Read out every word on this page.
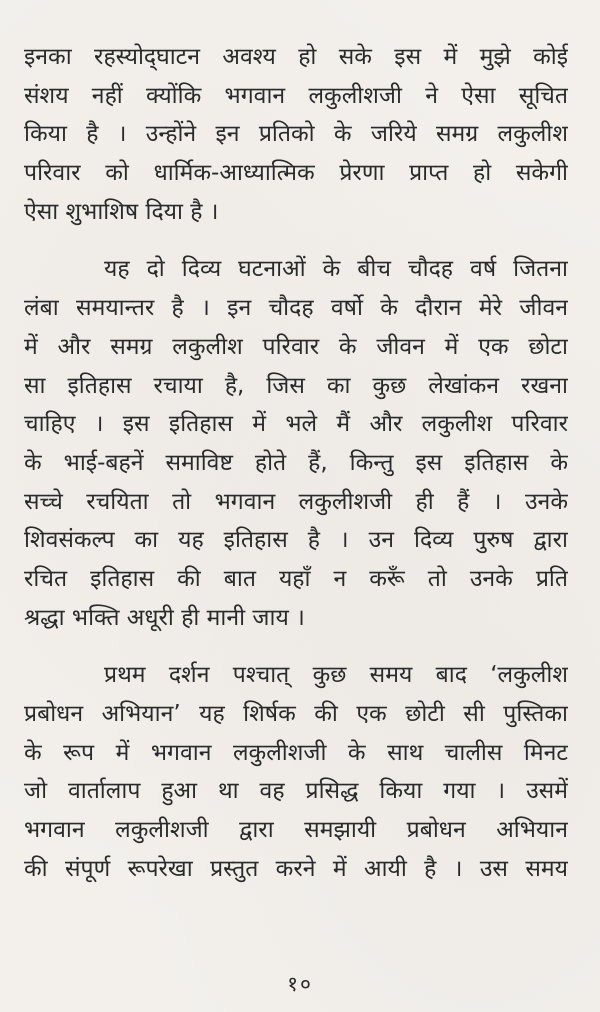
इनका रहस्योद्‌घाटन अवश्य हो सके इस में मुझे कोई
संशय नहीं क्योंकि भगवान लकुलीशजी ने ऐसा सूचित
किया है । उन्होंने इन प्रतिको के जरिये समग्र लकुलीश
परिवार को धार्मिक-आध्यात्मिक प्रेरणा प्राप्त हो सकेगी
ऐसा शुभाशिष दिया है ।
यह दो दिव्य घटनाओं के बीच चौदह वर्ष जितना
लंबा समयान्तर है । इन चौदह वर्षो के दौरान मेरे जीवन
में और समग्र लकुलीश परिवार के जीवन में एक छोटा
सा इतिहास रचाया है, जिस का कुछ लेखांकन रखना
चाहिए । इस इतिहास में भले मैं और लकुलीश परिवार
के भाई-बहनें समाविष्ट होते हैं, किन्तु इस इतिहास के
सच्चे रचयिता तो भगवान लकुलीशजी ही हैं । उनके
शिवसंकल्प का यह इतिहास है । उन दिव्य पुरुष द्वारा
रचित इतिहास की बात यहाँ न करूँ तो उनके प्रति
श्रद्धा भक्ति अधूरी ही मानी जाय ।
प्रथम दर्शन पश्चात् कुछ समय बाद ‘लकुलीश
प्रबोधन अभियान’ यह शिर्षक की एक छोटी सी पुस्तिका
के रूप में भगवान लकुलीशजी के साथ चालीस मिनट
जो वार्तालाप हुआ था वह प्रसिद्ध किया गया । उसमें
भगवान लकुलीशजी द्वारा समझायी प्रबोधन अभियान
की संपूर्ण रूपरेखा प्रस्तुत करने में आयी है । उस समय
१०
